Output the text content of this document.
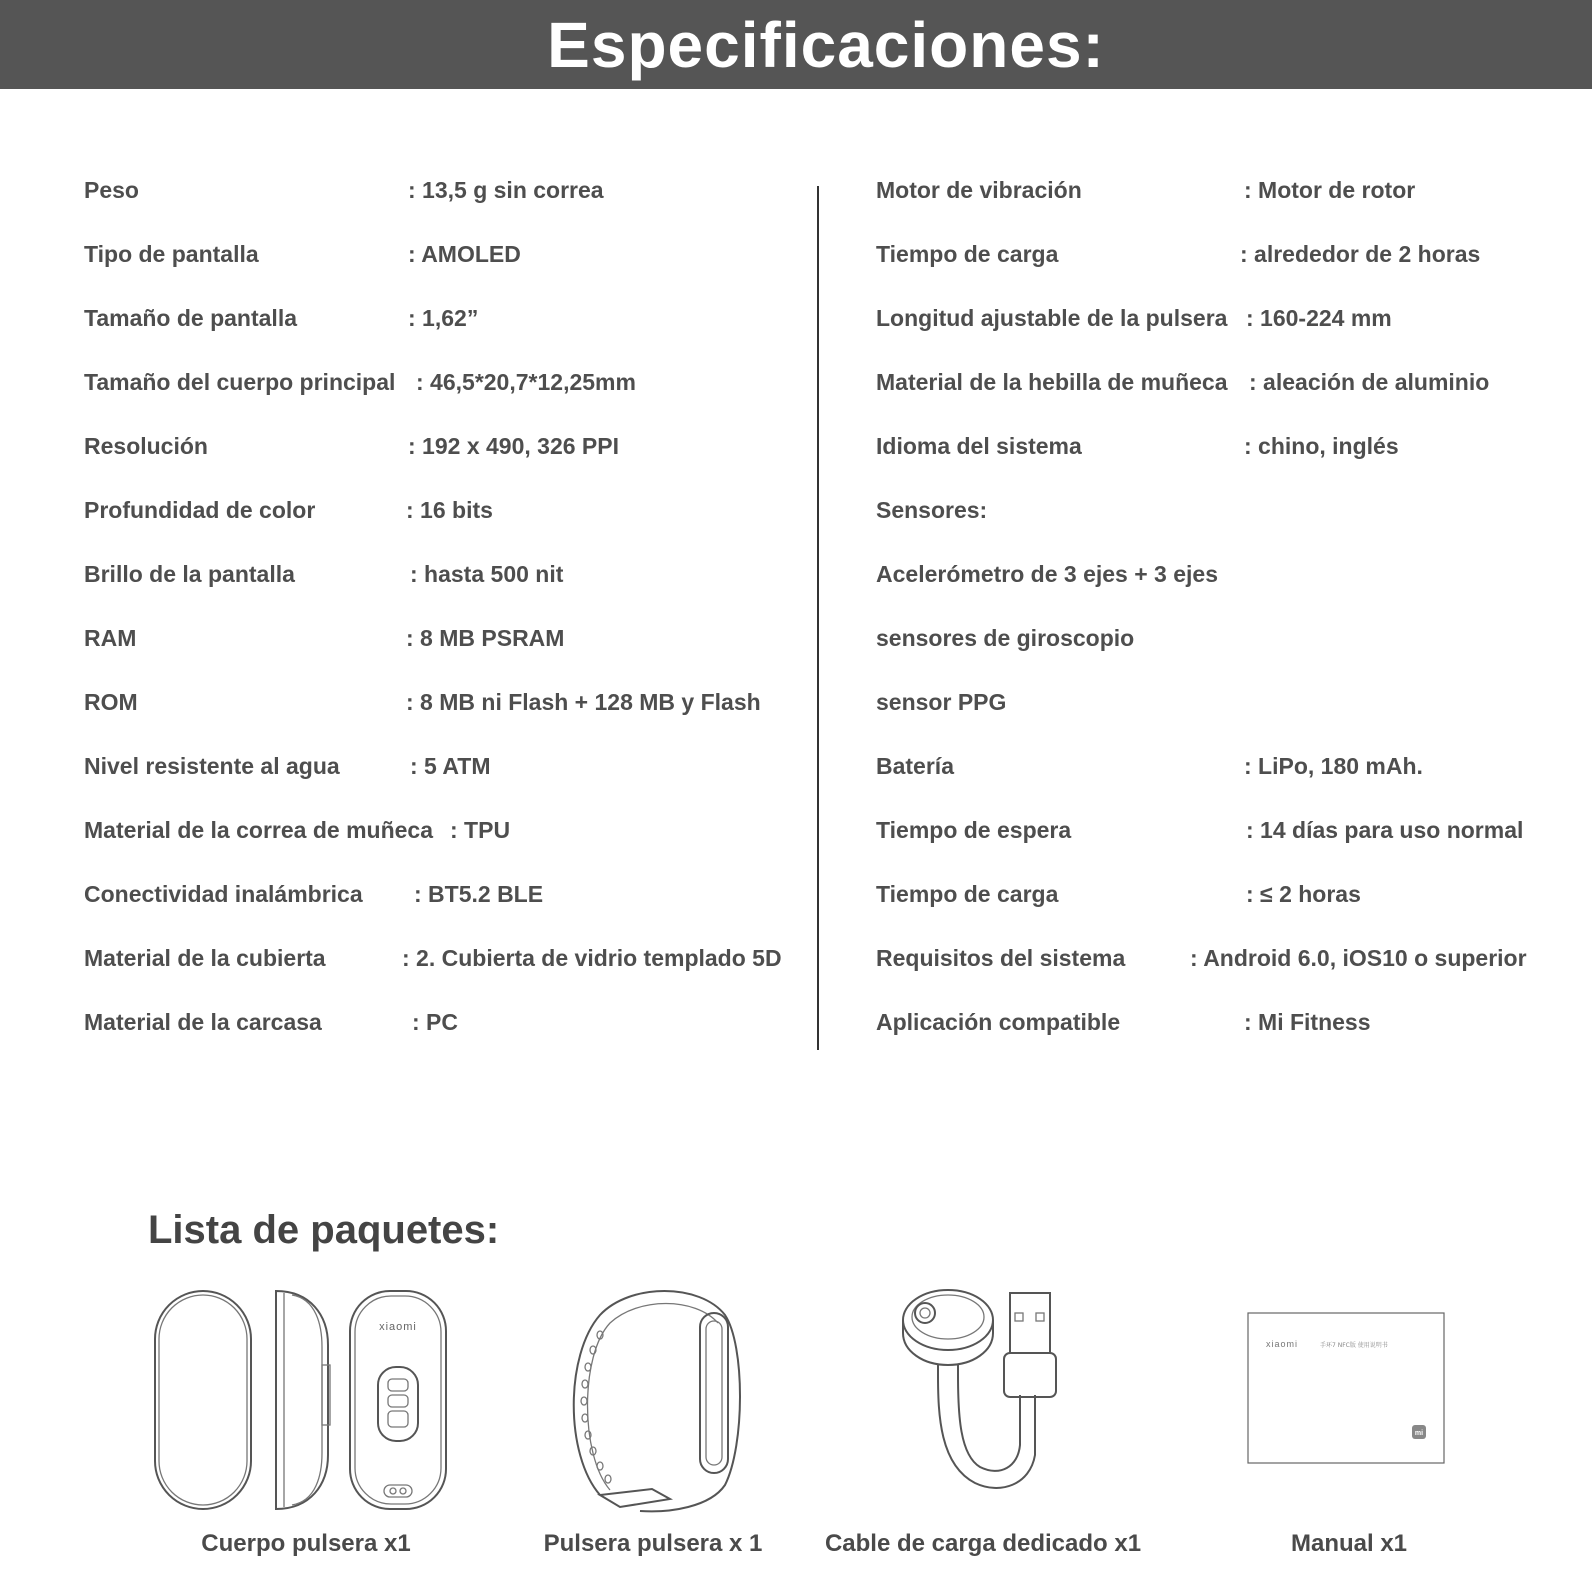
Especificaciones:
Peso	: 13,5 g sin correa
Tipo de pantalla	: AMOLED
Tamaño de pantalla	: 1,62”
Tamaño del cuerpo principal : 46,5*20,7*12,25mm
Resolución	: 192 x 490, 326 PPI
Profundidad de color	: 16 bits
Brillo de la pantalla	: hasta 500 nit
RAM	: 8 MB PSRAM
ROM	: 8 MB ni Flash + 128 MB y Flash
Nivel resistente al agua	: 5 ATM
Material de la correa de muñeca : TPU
Conectividad inalámbrica : BT5.2 BLE
Material de la cubierta	: 2. Cubierta de vidrio templado 5D
Material de la carcasa	: PC
Motor de vibración	: Motor de rotor
Tiempo de carga	: alrededor de 2 horas
Longitud ajustable de la pulsera : 160-224 mm
Material de la hebilla de muñeca : aleación de aluminio
Idioma del sistema	: chino, inglés
Sensores:
Acelerómetro de 3 ejes + 3 ejes
sensores de giroscopio
sensor PPG
Batería	: LiPo, 180 mAh.
Tiempo de espera	: 14 días para uso normal
Tiempo de carga	: ≤ 2 horas
Requisitos del sistema	: Android 6.0, iOS10 o superior
Aplicación compatible	: Mi Fitness
Lista de paquetes:
xiaomi
xiaomi	手环7 NFC版 使用说明书
mi
Cuerpo pulsera x1	Pulsera pulsera x 1	Cable de carga dedicado x1	Manual x1
